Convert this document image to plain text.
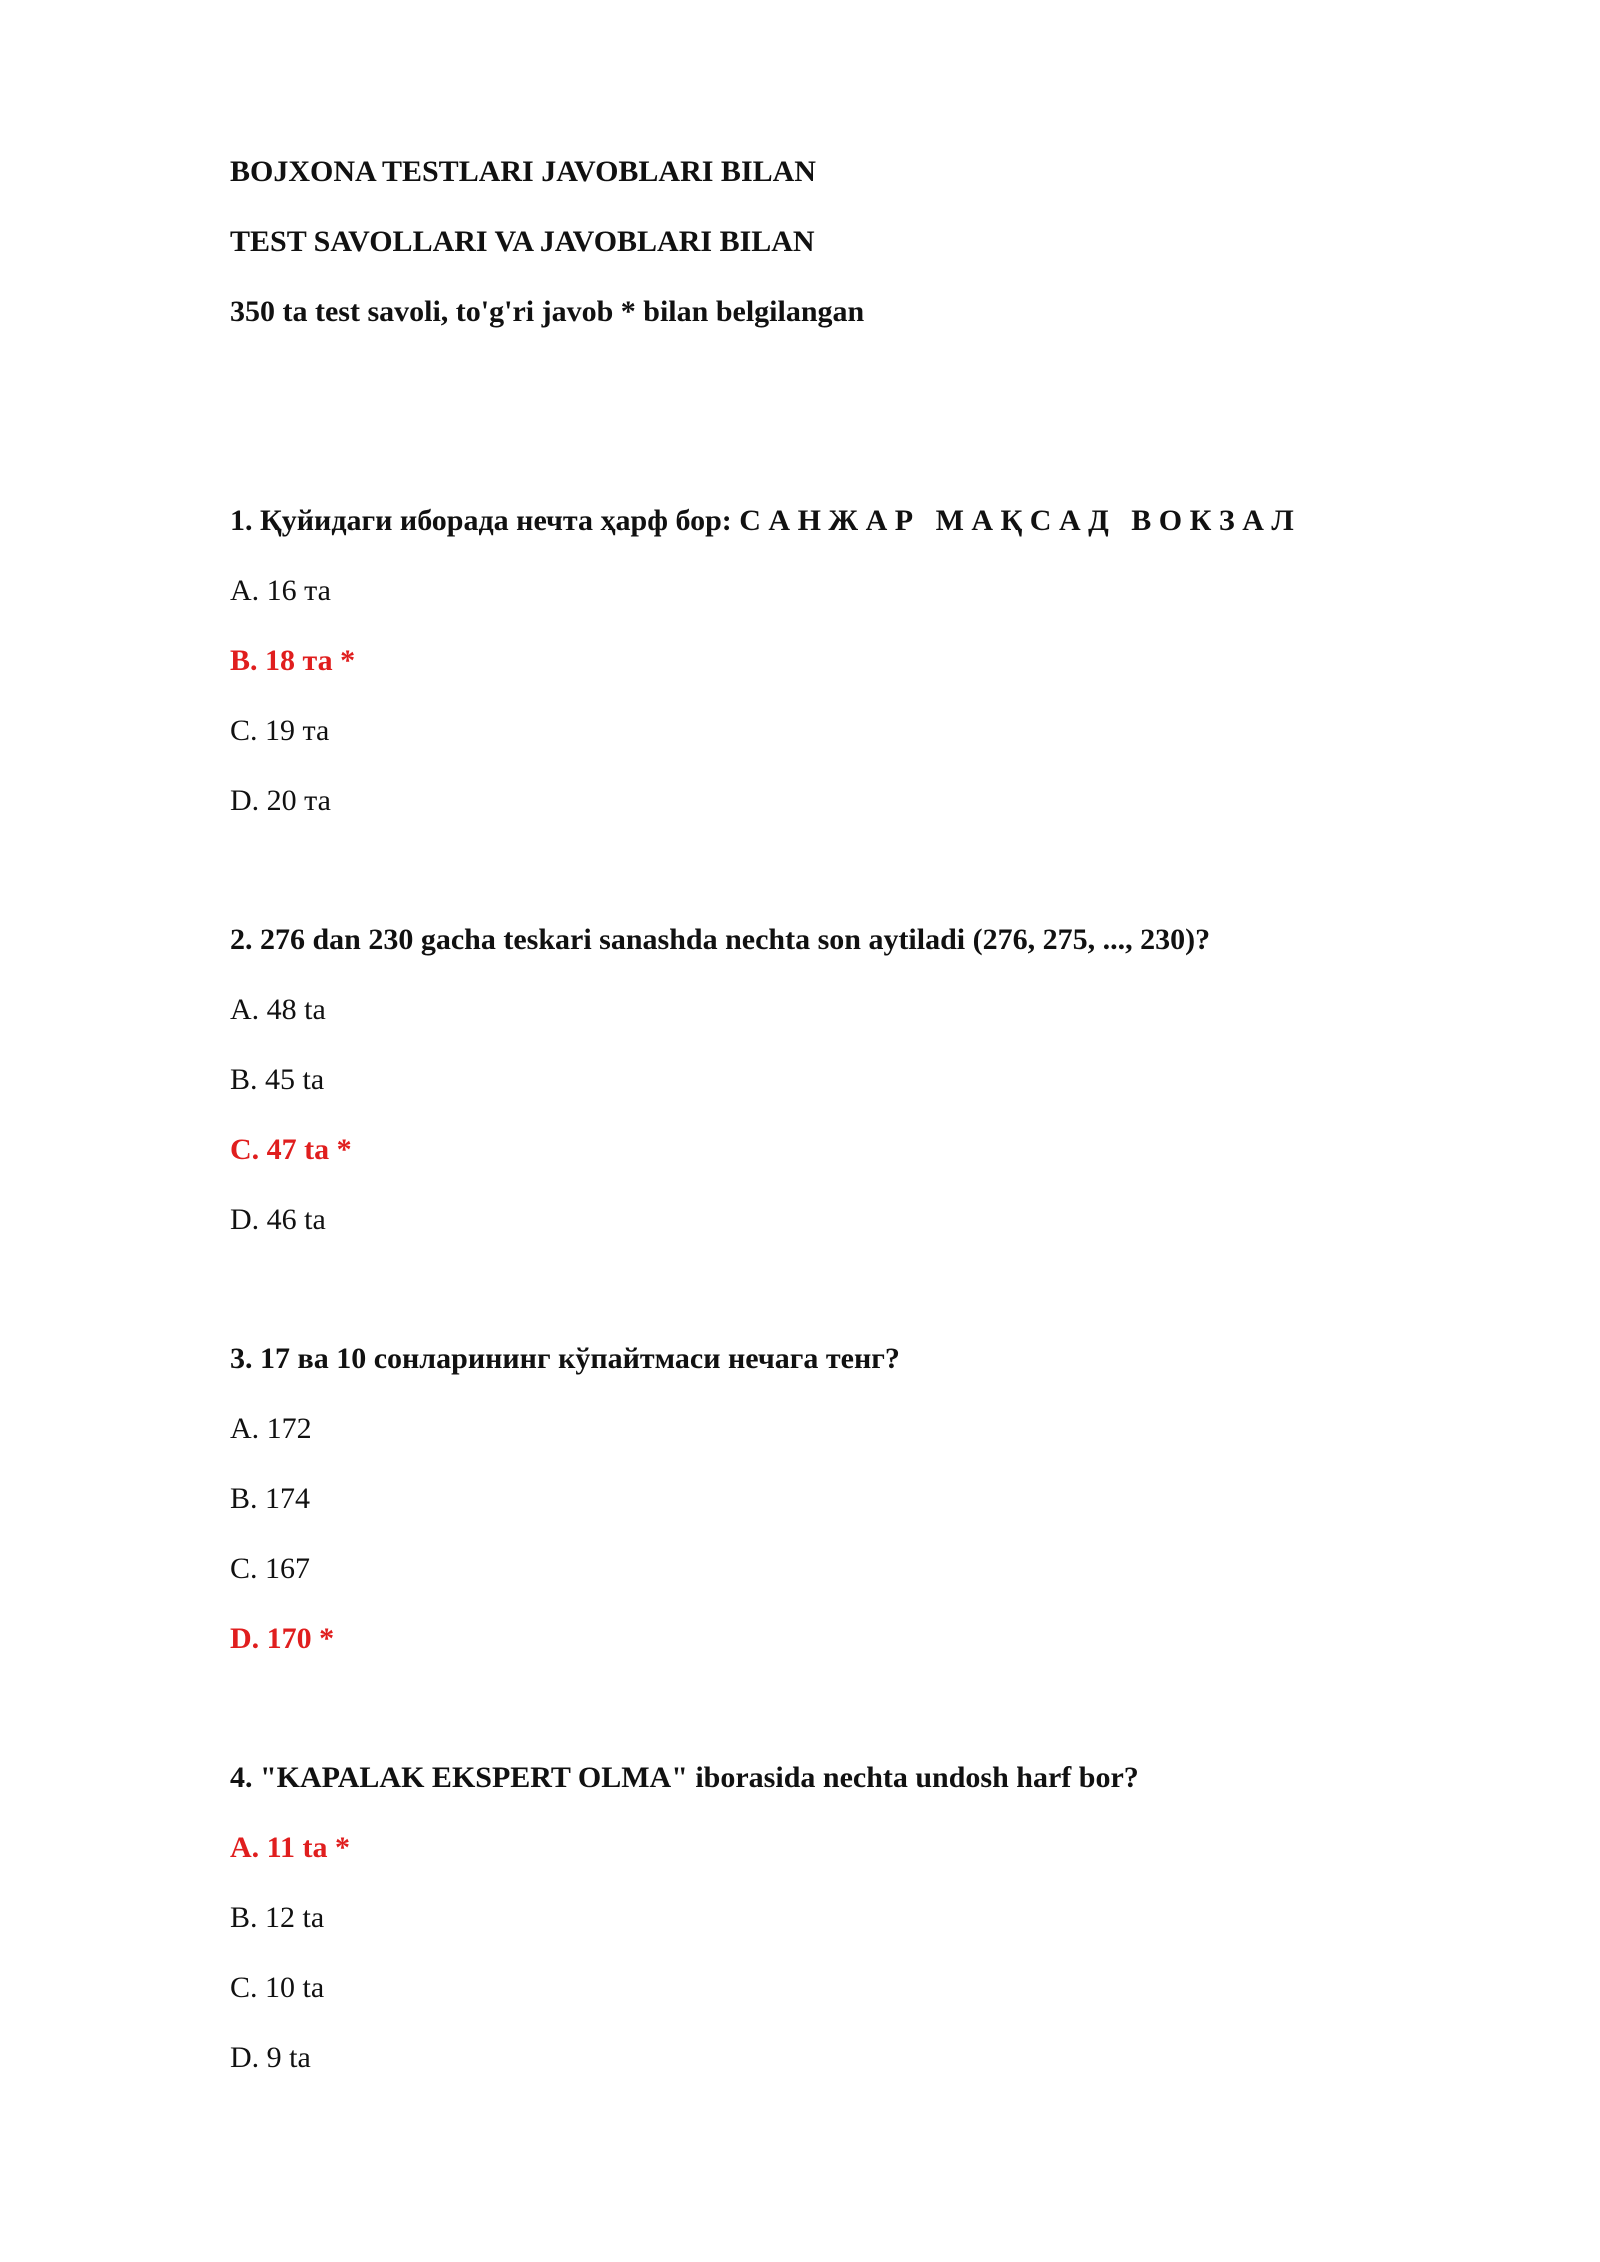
BOJXONA TESTLARI JAVOBLARI BILAN
TEST SAVOLLARI VA JAVOBLARI BILAN
350 ta test savoli, to'g'ri javob * bilan belgilangan
1. Қуйидаги иборада нечта ҳарф бор: С А Н Ж А Р   М А Қ С А Д   В О К З А Л
A. 16 та
B. 18 та *
C. 19 та
D. 20 та
2. 276 dan 230 gacha teskari sanashda nechta son aytiladi (276, 275, ..., 230)?
A. 48 ta
B. 45 ta
C. 47 ta *
D. 46 ta
3. 17 ва 10 сонларининг кўпайтмаси нечага тенг?
A. 172
B. 174
C. 167
D. 170 *
4. "KAPALAK EKSPERT OLMA" iborasida nechta undosh harf bor?
A. 11 ta *
B. 12 ta
C. 10 ta
D. 9 ta
